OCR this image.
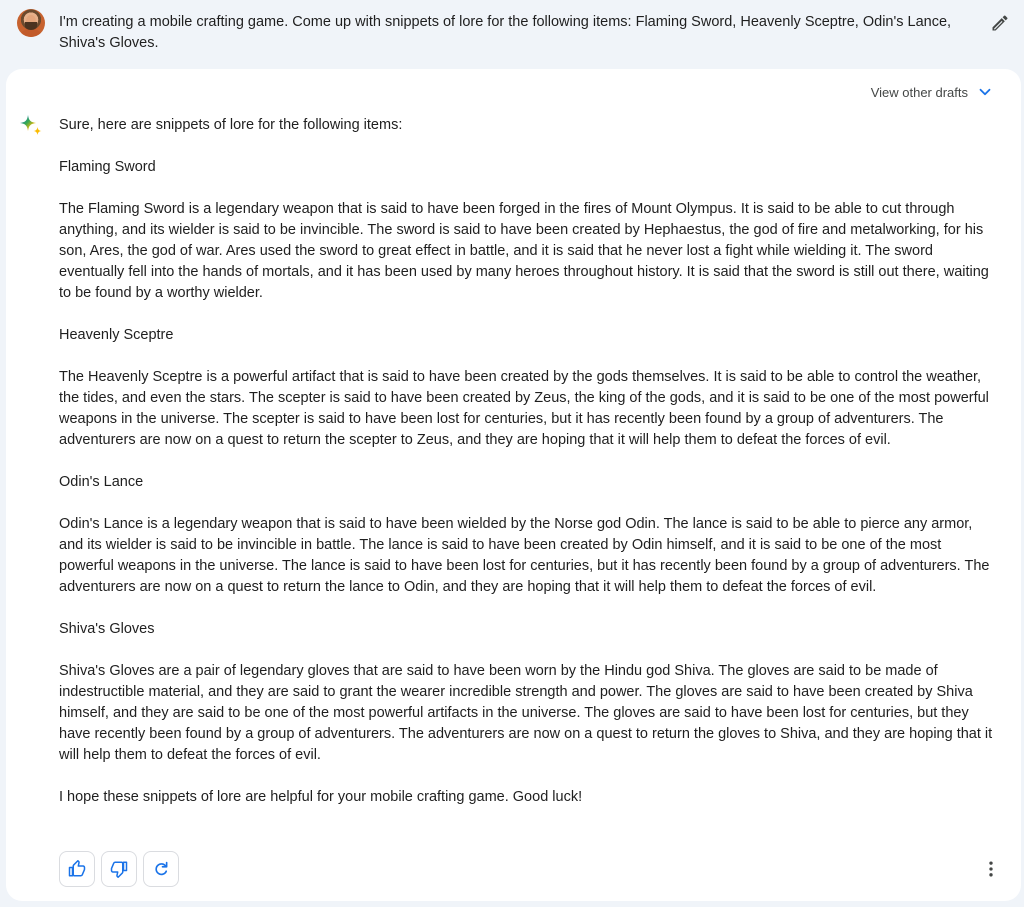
I'm creating a mobile crafting game. Come up with snippets of lore for the following items: Flaming Sword, Heavenly Sceptre, Odin's Lance, Shiva's Gloves.
View other drafts

Sure, here are snippets of lore for the following items:

Flaming Sword

The Flaming Sword is a legendary weapon that is said to have been forged in the fires of Mount Olympus. It is said to be able to cut through anything, and its wielder is said to be invincible. The sword is said to have been created by Hephaestus, the god of fire and metalworking, for his son, Ares, the god of war. Ares used the sword to great effect in battle, and it is said that he never lost a fight while wielding it. The sword eventually fell into the hands of mortals, and it has been used by many heroes throughout history. It is said that the sword is still out there, waiting to be found by a worthy wielder.

Heavenly Sceptre

The Heavenly Sceptre is a powerful artifact that is said to have been created by the gods themselves. It is said to be able to control the weather, the tides, and even the stars. The scepter is said to have been created by Zeus, the king of the gods, and it is said to be one of the most powerful weapons in the universe. The scepter is said to have been lost for centuries, but it has recently been found by a group of adventurers. The adventurers are now on a quest to return the scepter to Zeus, and they are hoping that it will help them to defeat the forces of evil.

Odin's Lance

Odin's Lance is a legendary weapon that is said to have been wielded by the Norse god Odin. The lance is said to be able to pierce any armor, and its wielder is said to be invincible in battle. The lance is said to have been created by Odin himself, and it is said to be one of the most powerful weapons in the universe. The lance is said to have been lost for centuries, but it has recently been found by a group of adventurers. The adventurers are now on a quest to return the lance to Odin, and they are hoping that it will help them to defeat the forces of evil.

Shiva's Gloves

Shiva's Gloves are a pair of legendary gloves that are said to have been worn by the Hindu god Shiva. The gloves are said to be made of indestructible material, and they are said to grant the wearer incredible strength and power. The gloves are said to have been created by Shiva himself, and they are said to be one of the most powerful artifacts in the universe. The gloves are said to have been lost for centuries, but they have recently been found by a group of adventurers. The adventurers are now on a quest to return the gloves to Shiva, and they are hoping that it will help them to defeat the forces of evil.

I hope these snippets of lore are helpful for your mobile crafting game. Good luck!
